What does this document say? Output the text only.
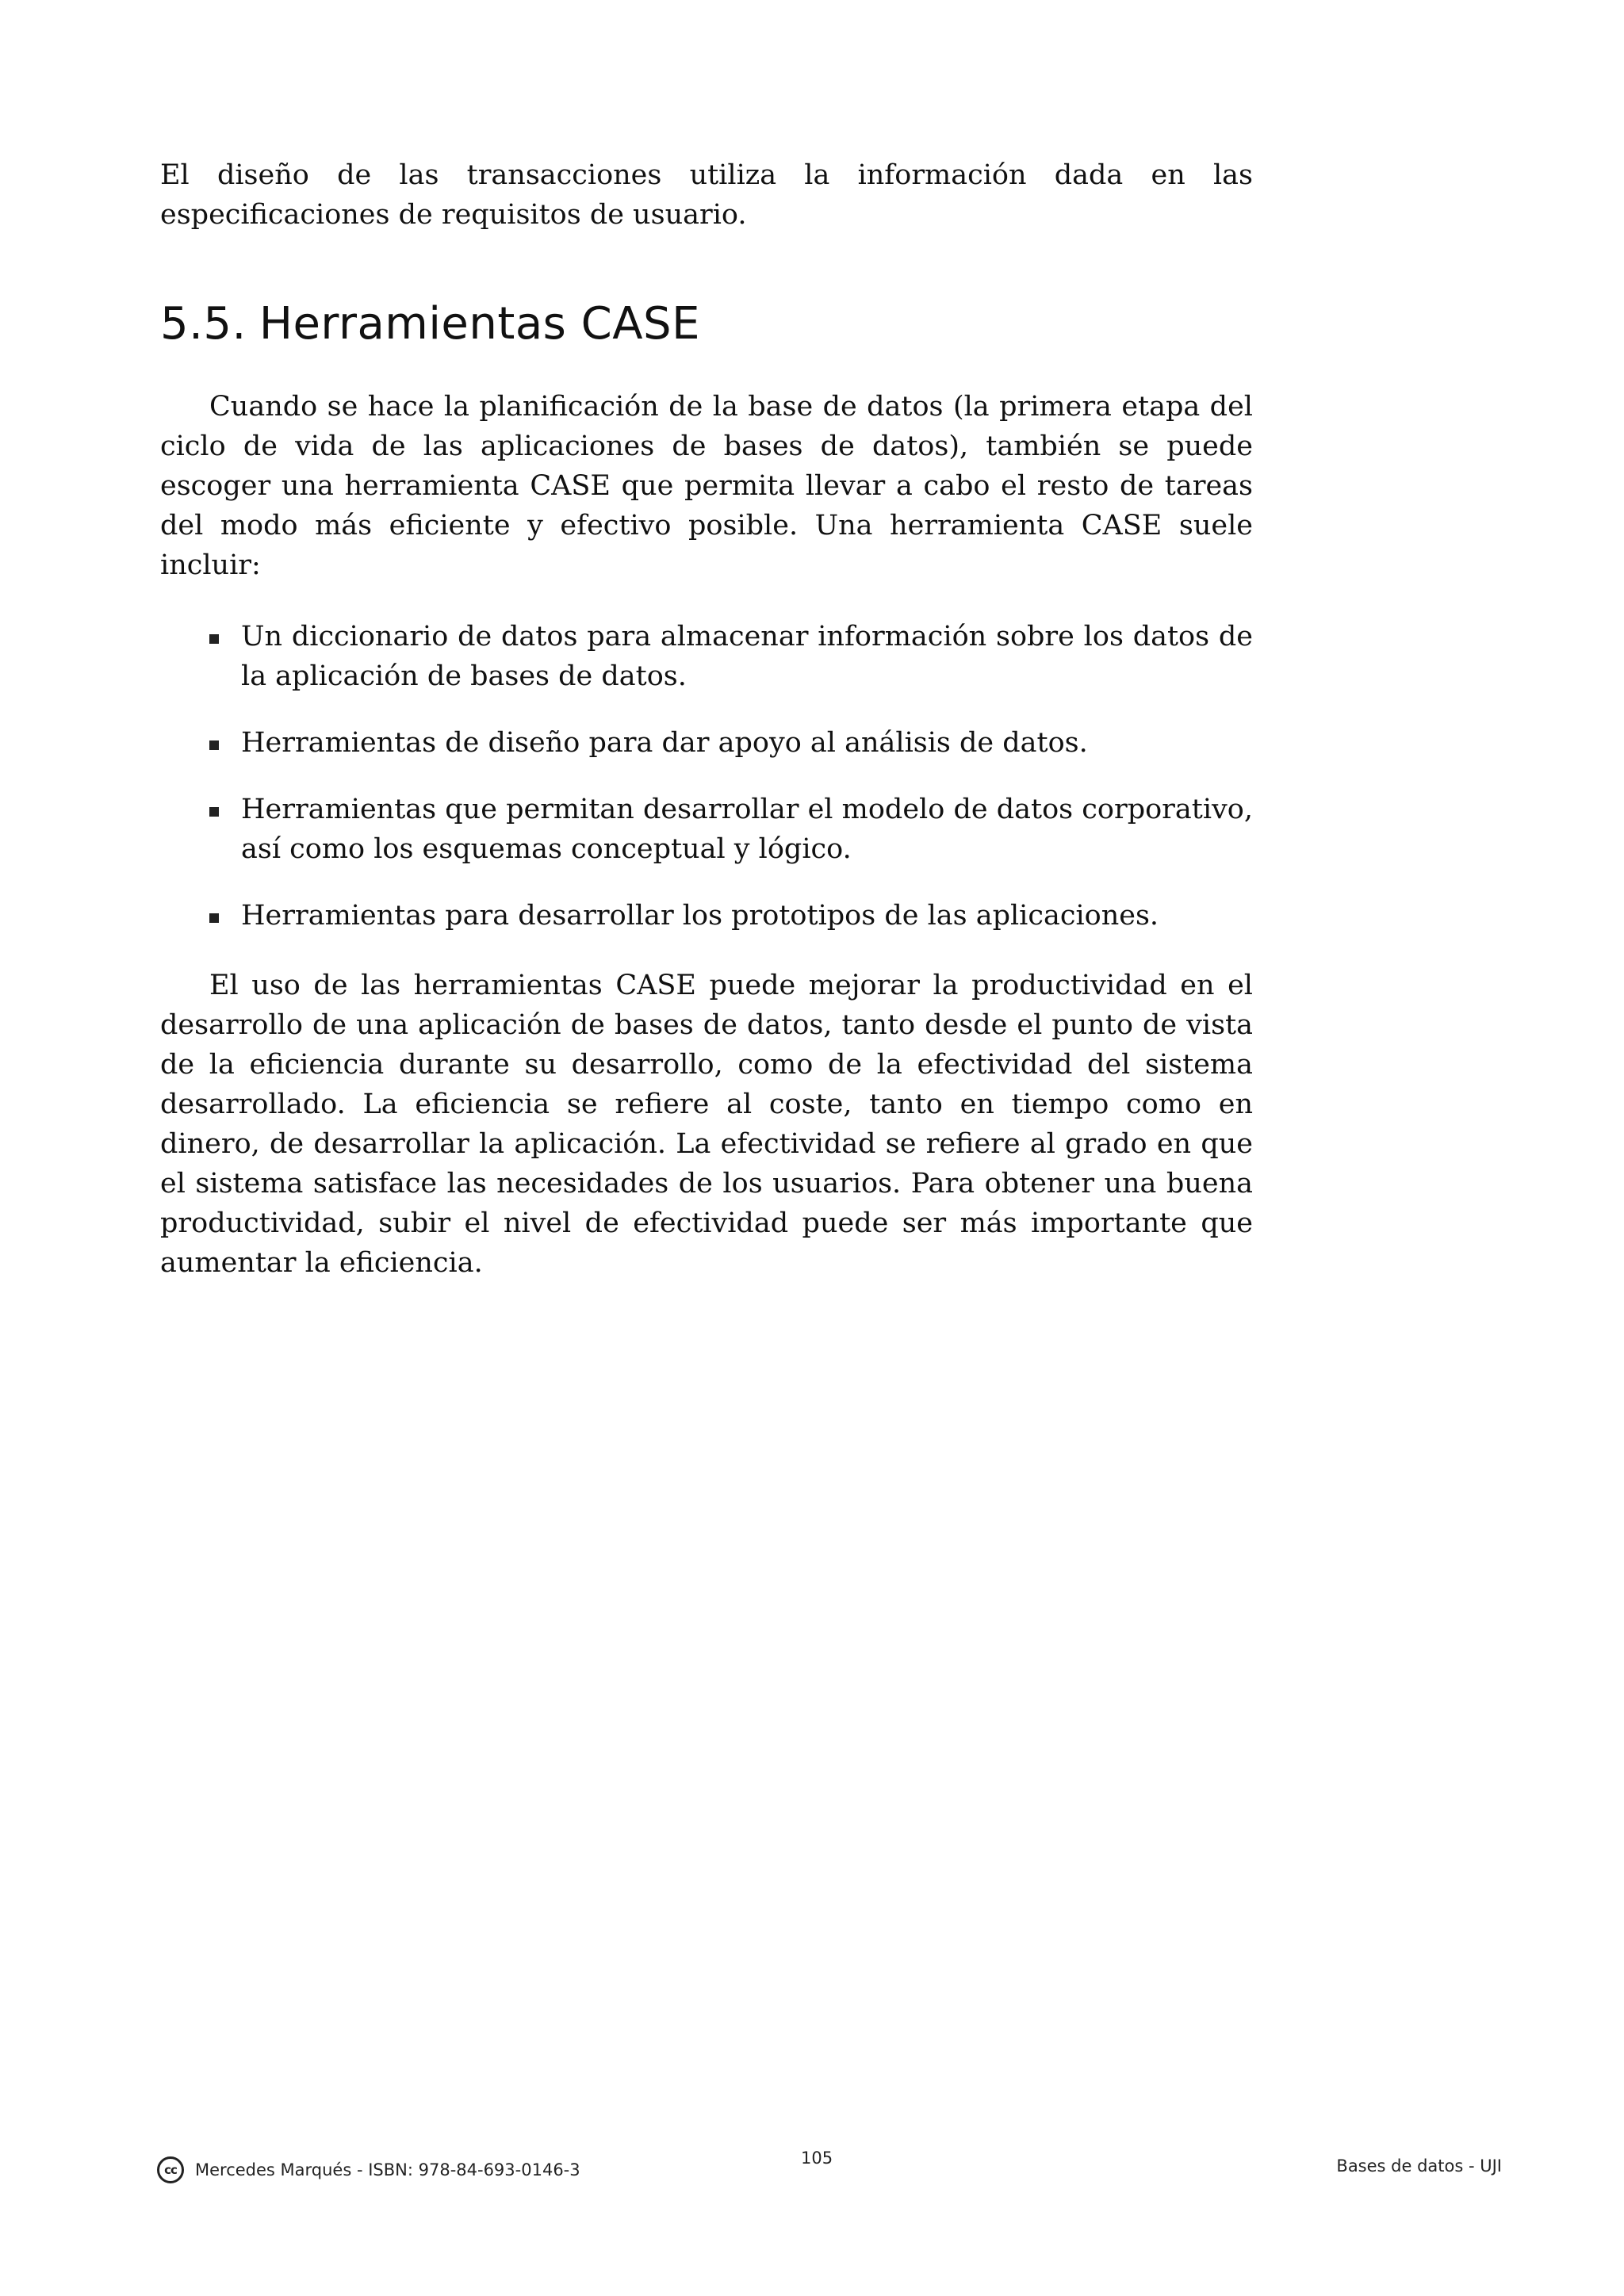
El diseño de las transacciones utiliza la información dada en las especificaciones de requisitos de usuario.

5.5. Herramientas CASE

Cuando se hace la planificación de la base de datos (la primera etapa del ciclo de vida de las aplicaciones de bases de datos), también se puede escoger una herramienta CASE que permita llevar a cabo el resto de tareas del modo más eficiente y efectivo posible. Una herramienta CASE suele incluir:

Un diccionario de datos para almacenar información sobre los datos de la aplicación de bases de datos.
Herramientas de diseño para dar apoyo al análisis de datos.
Herramientas que permitan desarrollar el modelo de datos corporativo, así como los esquemas conceptual y lógico.
Herramientas para desarrollar los prototipos de las aplicaciones.

El uso de las herramientas CASE puede mejorar la productividad en el desarrollo de una aplicación de bases de datos, tanto desde el punto de vista de la eficiencia durante su desarrollo, como de la efectividad del sistema desarrollado. La eficiencia se refiere al coste, tanto en tiempo como en dinero, de desarrollar la aplicación. La efectividad se refiere al grado en que el sistema satisface las necesidades de los usuarios. Para obtener una buena productividad, subir el nivel de efectividad puede ser más importante que aumentar la eficiencia.

cc	Mercedes Marqués - ISBN: 978-84-693-0146-3
105	Bases de datos - UJI
